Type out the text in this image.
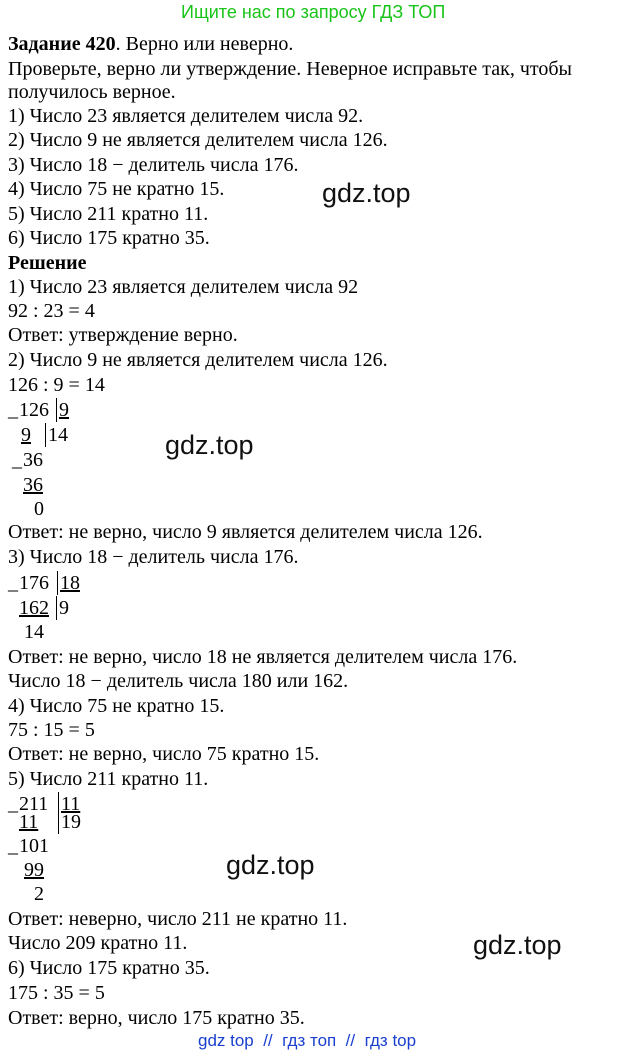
Ищите нас по запросу ГДЗ ТОП
Задание 420. Верно или неверно.
Проверьте, верно ли утверждение. Неверное исправьте так, чтобы
получилось верное.
1) Число 23 является делителем числа 92.
2) Число 9 не является делителем числа 126.
3) Число 18 − делитель числа 176.
4) Число 75 не кратно 15.
5) Число 211 кратно 11.
6) Число 175 кратно 35.
Решение
1) Число 23 является делителем числа 92
92 : 23 = 4
Ответ: утверждение верно.
2) Число 9 не является делителем числа 126.
126 : 9 = 14
_ 126 9
9 14
_ 36
36
0
Ответ: не верно, число 9 является делителем числа 126.
3) Число 18 − делитель числа 176.
_ 176 18
162 9
14
Ответ: не верно, число 18 не является делителем числа 176.
Число 18 − делитель числа 180 или 162.
4) Число 75 не кратно 15.
75 : 15 = 5
Ответ: не верно, число 75 кратно 15.
5) Число 211 кратно 11.
_ 211 11
11 19
_ 101
99
2
Ответ: неверно, число 211 не кратно 11.
Число 209 кратно 11.
6) Число 175 кратно 35.
175 : 35 = 5
Ответ: верно, число 175 кратно 35.
gdz.top
gdz.top
gdz.top
gdz.top
gdz top  //  гдз топ  //  гдз top
